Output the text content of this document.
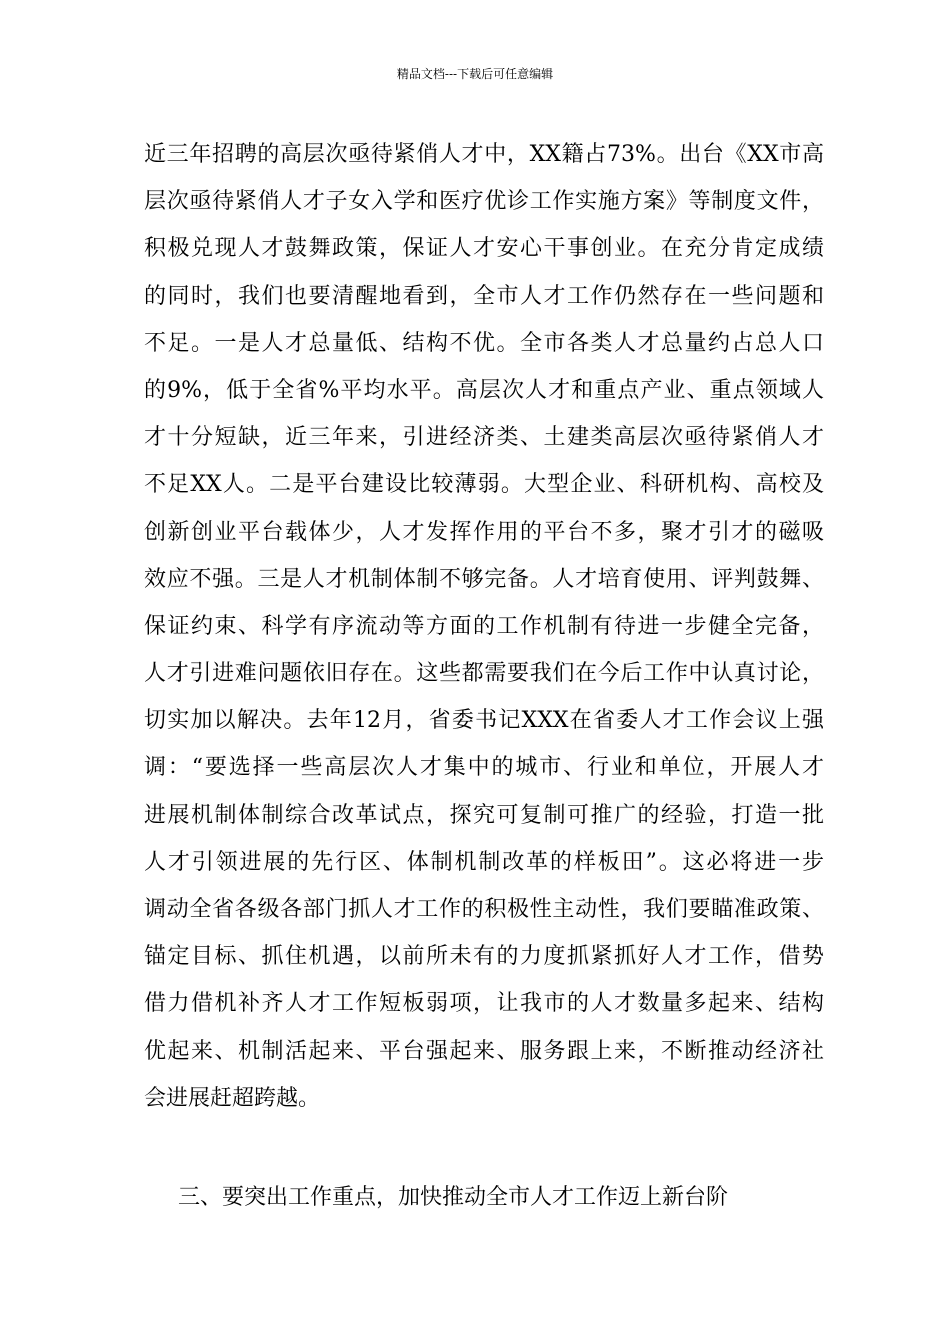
精品文档---下载后可任意编辑
近三年招聘的高层次亟待紧俏人才中，XX籍占73%。出台《XX市高
层次亟待紧俏人才子女入学和医疗优诊工作实施方案》等制度文件，
积极兑现人才鼓舞政策，保证人才安心干事创业。在充分肯定成绩
的同时，我们也要清醒地看到，全市人才工作仍然存在一些问题和
不足。一是人才总量低、结构不优。全市各类人才总量约占总人口
的9%，低于全省%平均水平。高层次人才和重点产业、重点领域人
才十分短缺，近三年来，引进经济类、土建类高层次亟待紧俏人才
不足XX人。二是平台建设比较薄弱。大型企业、科研机构、高校及
创新创业平台载体少，人才发挥作用的平台不多，聚才引才的磁吸
效应不强。三是人才机制体制不够完备。人才培育使用、评判鼓舞、
保证约束、科学有序流动等方面的工作机制有待进一步健全完备，
人才引进难问题依旧存在。这些都需要我们在今后工作中认真讨论，
切实加以解决。去年12月，省委书记XXX在省委人才工作会议上强
调：“要选择一些高层次人才集中的城市、行业和单位，开展人才
进展机制体制综合改革试点，探究可复制可推广的经验，打造一批
人才引领进展的先行区、体制机制改革的样板田”。这必将进一步
调动全省各级各部门抓人才工作的积极性主动性，我们要瞄准政策、
锚定目标、抓住机遇，以前所未有的力度抓紧抓好人才工作，借势
借力借机补齐人才工作短板弱项，让我市的人才数量多起来、结构
优起来、机制活起来、平台强起来、服务跟上来，不断推动经济社
会进展赶超跨越。
三、要突出工作重点，加快推动全市人才工作迈上新台阶
